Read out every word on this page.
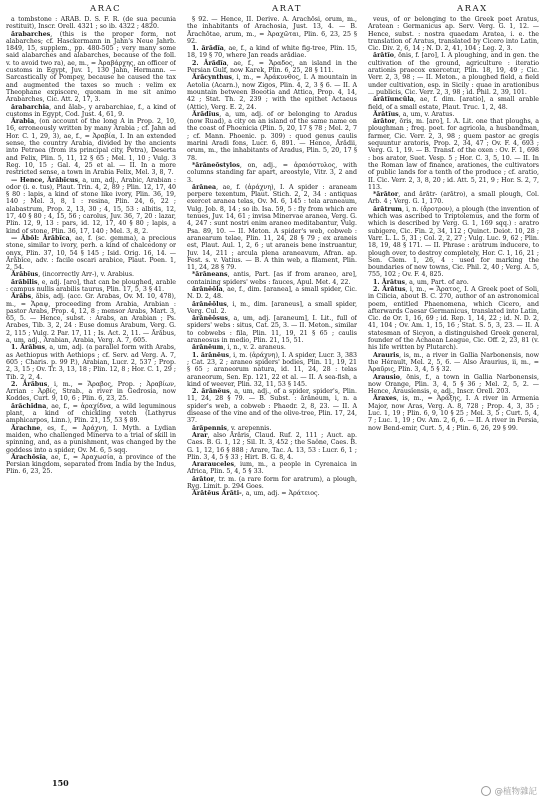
ARAC	ARAT	ARAX

a tombstone : ARAB. D. S. F. R. (de sua pecunia restituit), Inscr. Orell. 4321 ; so ib. 4322 ; 4820.

ărabarches, (this is the proper form, not alabarches; cf. Hasckermann in Jahn's Neue Jahrb. 1849, 15, supplem., pp. 480-505 ; very many some said alabarches and alabarches, because of the foll. v. to avoid two ra), ae, m., = Ἀραβάρχης, an officer of customs in Egypt, Juv. 1, 130 Jahn, Hermann. — Sarcastically of Pompey, because he caused the tax and augmented the taxes so much : velim ex Theophane expiscere, quonam in me sit animo Arabarches, Cic. Att. 2, 17, 3.

ărabarchia, and ălab-, y arabarchiae, f., a kind of customs in Egypt, Cod. Just. 4, 61, 9.

Ărabia, (on account of the long A in Prop. 2, 10, 16, erroneously written by many Arabia ; cf. Jahn ad Hor. C. 1, 29, 3), ae, f., = Ἀραβία, I. In an extended sense, the country Arabia, divided by the ancients into Petraea (from its principal city, Petra), Deserta and Felix, Plin. 5, 11, 12 § 65 ; Mel. 1, 10 ; Vulg. 3 Reg. 10, 15 ; Gal. 4, 25 et al. — II. In a more restricted sense, a town in Arabia Felix, Mel. 3, 8, 7.

— Hence, Ărăbĭcus, a, um, adj., Arabic, Arabian : odor (i. e. tus), Plaut. Trin. 4, 2, 89 ; Plin. 12, 17, 40 § 80 : lapis, a kind of stone like ivory, Plin. 36, 19, 140 ; Mel. 3, 8, 1 : resina, Plin. 24, 6, 22 ; alabastrum, Prop. 2, 13, 30 ; 4, 15, 53 : albitis, 12, 17, 40 § 80 ; 4, 15, 56 ; carolus, Juv. 36, 7, 20 : lazar, Plin. 12, 9, 13 : pars, id. 12, 17, 40 § 80 ; lapis, a kind of stone, Plin. 36, 17, 140 ; Mel. 3, 8, 2.

— Ăbōl: Ărăbĭca, ae, f. (sc. gemma), a precious stone, similar to ivory, perh. a kind of chalcedony or onyx, Plin. 37, 10, 54 § 145 ; Isid. Orig. 16, 14. — Ărăbĭce, adv. : facile oscari arabice, Plaut. Poen. 1, 2, 54.

Ărăbĭus, (incorrectly Arr-), v. Arabius.

ărăbĭlis, e, adj. [aro], that can be ploughed, arable : campus nullis arabilis taurus, Plin. 17, 5, 3 § 41.

Ărăbs, ăbis, adj. (acc. Gr. Arabas, Ov. M. 10, 478), m., = Ἄραψ, proceeding from Arabia, Arabian : pastor Arabs, Prop. 4, 12, 8 ; mensor Arabs, Mart. 3, 65, 5. — Hence, subst. : Arabs, an Arabian ; Ps. Arabes, Tib. 3, 2, 24 : Euse domus Arabum, Verg. G. 2, 115 ; Vulg. 2 Par. 17, 11 ; Is. Act. 2, 11. — Ărăbus, a, um, adj., Arabian, Arabia, Verg. A. 7, 605.

1. Ărăbus, a, um, adj. (a parallel form with Arabs, as Aethiopus with Aethiops ; cf. Serv. ad Verg. A. 7, 605 ; Charis. p. 99 P.), Arabian, Lucr. 2, 537 ; Prop. 2, 3, 15 ; Ov. Tr. 3, 13, 18 ; Plin. 12, 8 ; Hor. C. 1, 29 ; Tib. 2, 2, 4.

2. Ărăbus, i, m., = Ἄραβος, Prop. ; Ἀραβίων, Arrian : Ἀρβίς, Strab., a river in Gedrosia, now Koddes, Curt. 9, 10, 6 ; Plin. 6, 23, 25.

ărăchĭdna, ae, f., = ἀραχίδνα, a wild leguminous plant, a kind of chickling vetch (Lathyrus amphicarpos, Linn.), Plin. 21, 15, 53 § 89.

Ărachne, es, f., = Ἀράχνη, I. Myth. a Lydian maiden, who challenged Minerva to a trial of skill in spinning, and, as a punishment, was changed by the goddess into a spider, Ov. M. 6, 5 sqq.

Ărachōsĭa, ae, f., = Ἀραχωσία, a province of the Persian kingdom, separated from India by the Indus, Plin. 6, 23, 25.

§ 92. — Hence, II. Derive. A. Ărachōsi, orum, m., the inhabitants of Arachosia, Just. 13, 4. — B. Ărachōtae, arum, m., = Ἀραχῶται, Plin. 6, 23, 25 § 92.

1. ărădĭa, ae, f., a kind of white fig-tree, Plin. 15, 18, 19 § 70, where Jan reads arădiae.

2. Ărădĭa, ae, f., = Ἄραδος, an island in the Persian Gulf, now Karek, Plin. 6, 25, 28 § 111.

Ărăcynthus, i, m., = Ἀράκυνθος, I. A mountain in Aetolia (Acarn.), now Zigos, Plin. 4, 2, 3 § 6. — II. A mountain between Boeotia and Attica, Prop. 4, 14, 42 ; Stat. Th. 2, 239 ; with the epithet Actaeus (Attic), Verg. E. 2, 24.

Ărădĭus, a, um, adj. of or belonging to Aradus (now Ruad), a city on an island of the same name on the coast of Phoenicia (Plin. 5, 20, 17 § 78 ; Mel. 2, 7 ; cf. Mann. Phoenic. p. 309) : quod genus caulis marini Aradi fons, Lucr. 6, 891. — Hence, Ărădii, orum, m., the inhabitants of Aradus, Plin. 5, 20, 17 § 78.

*ărāneōstylos, on, adj., = ἀραιόστυλος, with columns standing far apart, areostyle, Vitr. 3, 2 and 3.

ărānea, ae, f. (ἀράχνη), I. A spider : araneam perpere texentum, Plaut. Stich. 2, 2, 34 : antiquas exercet aranea telas, Ov. M. 6, 145 : tela araneaum, Vulg. Job. 8, 14 ; so ib. Isa. 59, 5 : fly from which are tenues, Juv. 14, 61 ; invisa Minervae aranea, Verg. G. 4, 247 : sunt nostri enim araneo meditabantur, Vulg. Psa. 89, 10. — II. Meton. A spider's web, cobweb : aranearum telae, Plin. 11, 24, 28 § 79 ; ex araneis est, Plaut. Aul. 1, 2, 6 ; ut araneis bene instruantur, Juv. 14, 211 ; arcula plena araneavum, Afran. ap. Fest. s. v. Vatius. — B. A thin web, a filament, Plin. 11, 24, 28 § 79.

*ărāneans, antis, Part. [as if from araneo, are], containing spiders' webs : fauces, Apul. Met. 4, 22.

ărānĕŏla, ae, f., dim. [aranea], a small spider, Cic. N. D. 2, 48.

ărānĕŏlus, i, m., dim. [araneus], a small spider, Verg. Cul. 2.

ărānĕōsus, a, um, adj. [araneum], I. Lit., full of spiders' webs : situs, Cat. 25, 3. — II. Meton., similar to cobwebs : fila, Plin. 11, 19, 21 § 65 ; caulis araneosus in medio, Plin. 21, 15, 51.

ărānĕum, i, n., v. 2. araneus.

1. ărānĕus, i, m. (ἀράχνη), I. A spider, Lucr. 3, 383 ; Cat. 23, 2 ; araneo spiders' bodies, Plin. 11, 19, 21 § 65 ; araneorum natura, id. 11, 24, 28 : telas araneorum, Sen. Ep. 121, 22 et al. — II. A sea-fish, a kind of weever, Plin. 32, 11, 53 § 145.

2. ărānĕus, a, um, adj., of a spider, spider's, Plin. 11, 24, 28 § 79. — B. Subst. : ărāneum, i, n. a spider's web, a cobweb : Phaedr. 2, 8, 23. — II. A disease of the vine and of the olive-tree, Plin. 17, 24, 37.

ărăpennis, v. arepennis.

Arar, also Ărăris, Claud. Ruf. 2, 111 ; Auct. ap. Caes. B. G. 1, 12 ; Sil. It. 3, 452 ; the Saône, Caes. B. G. 1, 12, 16 § 888 ; Arare, Tac. A. 13, 53 : Lucr. 6, 1 ; Plin. 3, 4, 5 § 33 ; Hirt. B. G. 8, 4.

Ararauceles, ium, m., a people in Cyrenaica in Africa, Plin. 5, 4, 5 § 33.

ărātor, tr. m. (a rare form for aratrum), a plough, Ryg. Limit. p. 294 Goes.

Ărātēus Ărāti-, a, um, adj. = Ἀράτειος.

veus, of or belonging to the Greek poet Aratus, Aratean : Germanicus ap. Serv. Verg. G. 1, 12. — Hence, subst. : nostra quaedam Aratea, i. e. the translation of Aratus, translated by Cicero into Latin, Cic. Div. 2, 6, 14 ; N. D. 2, 41, 104 ; Leg. 2, 3.

ărātĭo, ōnis, f. [aro], I. A ploughing, and in gen. the cultivation of the ground, agriculture : iteratio arationis praecox exercetur, Plin. 18, 19, 49 ; Cic. Verr. 2, 3, 98 ; — II. Meton., a ploughed field, a field under cultivation, esp. in Sicily : quae in arationibus ... publicis, Cic. Verr. 2, 3, 98 ; id. Phil. 2, 39, 101.

ărātĭuncŭla, ae, f. dim. [aratio], a small arable field, of a small estate, Plaut. Truc. 1, 2, 48.

Ărātĭus, a, um, v. Aratus.

ărātor, ōris, m. [aro], I. A. Lit. one that ploughs, a ploughman ; freq. poet. for agricola, a husbandman, farmer, Cic. Verr. 2, 3, 98 ; quem pastor ac gregis sequuntur aratoris, Prop. 2, 34, 47 ; Ov. F. 4, 693 ; Verg. G. 1, 19. — B. Transf. of the oxen : Ov. F. 1, 698 : bos arator, Suet. Vesp. 5 ; Hor. C. 3, 5, 10. — II. In the Roman law of finance, arationes, the cultivators of public lands for a tenth of the produce ; cf. aratio, II. Cic. Verr. 2, 3, 8, 20 ; id. Att. 5, 21, 9 ; Hor. S. 2, 7, 113.

*ărātor, and ărātr- (arātro), a small plough, Col. Arb. 4 ; Verg. G. 1, 170.

ărātrum, i, n. (ἄροτρον), a plough (the invention of which was ascribed to Triptolemus, and the form of which is described by Verg. G. 1, 169 sqq.) : aratro subigere, Cic. Fin. 2, 34, 112 ; Quinct. Deiot. 10, 28 ; Varr. L. L. 5, 31 ; Col. 2, 2, 27 ; Vulg. Luc. 9, 62 ; Plin. 18, 19, 48 § 171. — II. Phrase : aratrum inducere, to plough over, to destroy completely, Hor. C. 1, 16, 21 ; Sen. Clem. 1, 26, 4 : used for marking the boundaries of new towns, Cic. Phil. 2, 40 ; Verg. A. 5, 755, 102 ; Ov. F. 4, 825.

1. Ărātus, a, um, Part. of aro.

2. Ărātus, i, m., = Ἄρατος, I. A Greek poet of Soli, in Cilicia, about B. C. 270, author of an astronomical poem, entitled Phaenomena, which Cicero, and afterwards Caesar Germanicus, translated into Latin, Cic. de Or. 1, 16, 69 ; id. Rep. 1, 14, 22 ; id. N. D. 2, 41, 104 ; Ov. Am. 1, 15, 16 ; Stat. S. 5, 3, 23. — II. A statesman of Sicyon, a distinguished Greek general, founder of the Achaean League, Cic. Off. 2, 23, 81 (v. his life written by Plutarch).

Arauris, is, m., a river in Gallia Narbonensis, now the Hérault, Mel. 2, 5, 6. — Also Ăraurius, ii, m., = Ἀραῦρις, Plin. 3, 4, 5 § 32.

Arausio, ōnis, f., a town in Gallia Narbonensis, now Orange, Plin. 3, 4, 5 § 36 ; Mel. 2, 5, 2. — Hence, Ărausĭensis, e, adj., Inscr. Orell. 203.

Ăraxes, is, m., = Ἀράξης, I. A river in Armenia Major, now Aras, Verg. A. 8, 728 ; Prop. 4, 3, 35 ; Luc. 1, 19 ; Plin. 6, 9, 10 § 25 ; Mel. 3, 5 ; Curt. 5, 4, 7 ; Luc. 1, 19 ; Ov. Am. 2, 6, 6. — II. A river in Persia, now Bend-emir, Curt. 5, 4 ; Plin. 6, 26, 29 § 99.

150
@植物雜記
